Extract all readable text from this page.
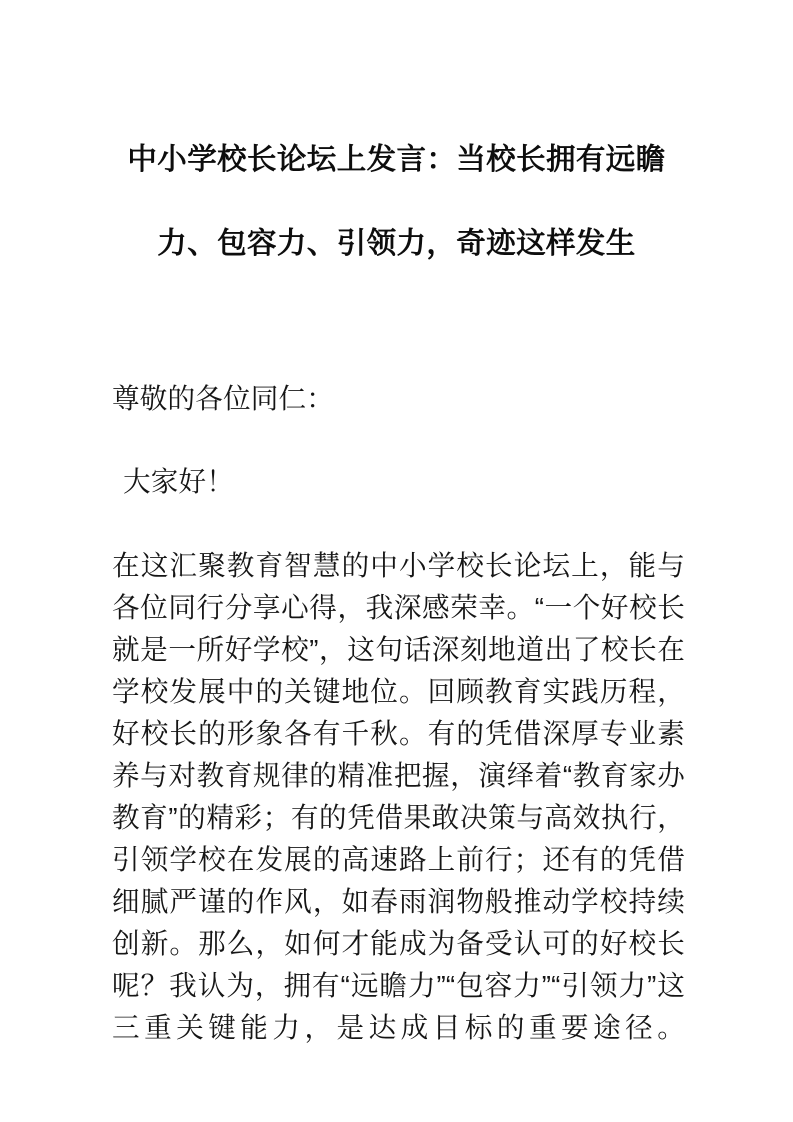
中小学校长论坛上发言：当校长拥有远瞻
力、包容力、引领力，奇迹这样发生

尊敬的各位同仁：

大家好！

在这汇聚教育智慧的中小学校长论坛上，能与各位同行分享心得，我深感荣幸。“一个好校长就是一所好学校”，这句话深刻地道出了校长在学校发展中的关键地位。回顾教育实践历程，好校长的形象各有千秋。有的凭借深厚专业素养与对教育规律的精准把握，演绎着“教育家办教育”的精彩；有的凭借果敢决策与高效执行，引领学校在发展的高速路上前行；还有的凭借细腻严谨的作风，如春雨润物般推动学校持续创新。那么，如何才能成为备受认可的好校长呢？我认为，拥有“远瞻力”“包容力”“引领力”这三重关键能力，是达成目标的重要途径。
